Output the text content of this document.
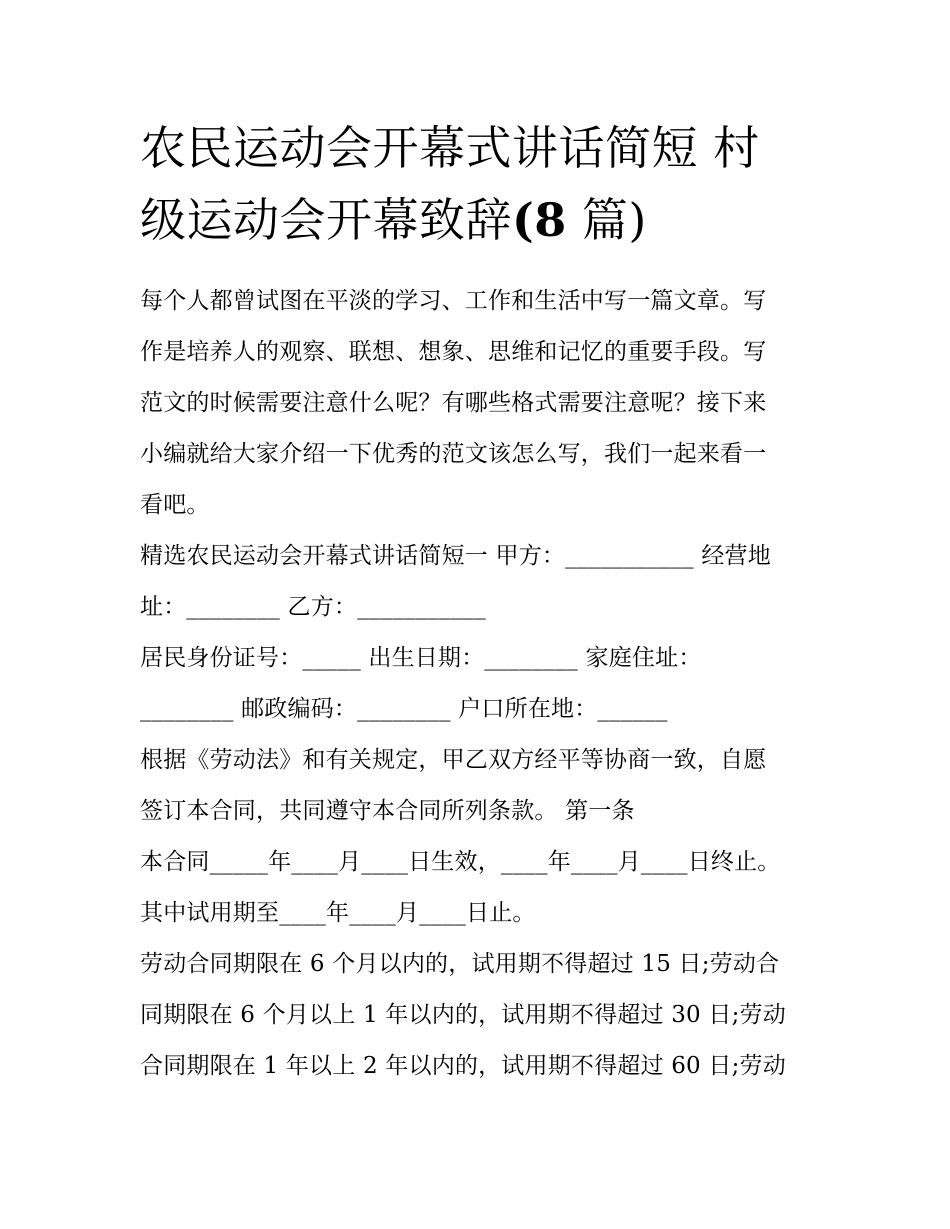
农民运动会开幕式讲话简短 村
级运动会开幕致辞(8 篇)
每个人都曾试图在平淡的学习、工作和生活中写一篇文章。写
作是培养人的观察、联想、想象、思维和记忆的重要手段。写
范文的时候需要注意什么呢？有哪些格式需要注意呢？接下来
小编就给大家介绍一下优秀的范文该怎么写，我们一起来看一
看吧。
精选农民运动会开幕式讲话简短一 甲方：___________ 经营地
址：________ 乙方：___________
居民身份证号：_____ 出生日期：________ 家庭住址：
________ 邮政编码：________ 户口所在地：______
根据《劳动法》和有关规定，甲乙双方经平等协商一致，自愿
签订本合同，共同遵守本合同所列条款。 第一条
本合同_____年____月____日生效，____年____月____日终止。
其中试用期至____年____月____日止。
劳动合同期限在 6 个月以内的，试用期不得超过 15 日;劳动合
同期限在 6 个月以上 1 年以内的，试用期不得超过 30 日;劳动
合同期限在 1 年以上 2 年以内的，试用期不得超过 60 日;劳动
